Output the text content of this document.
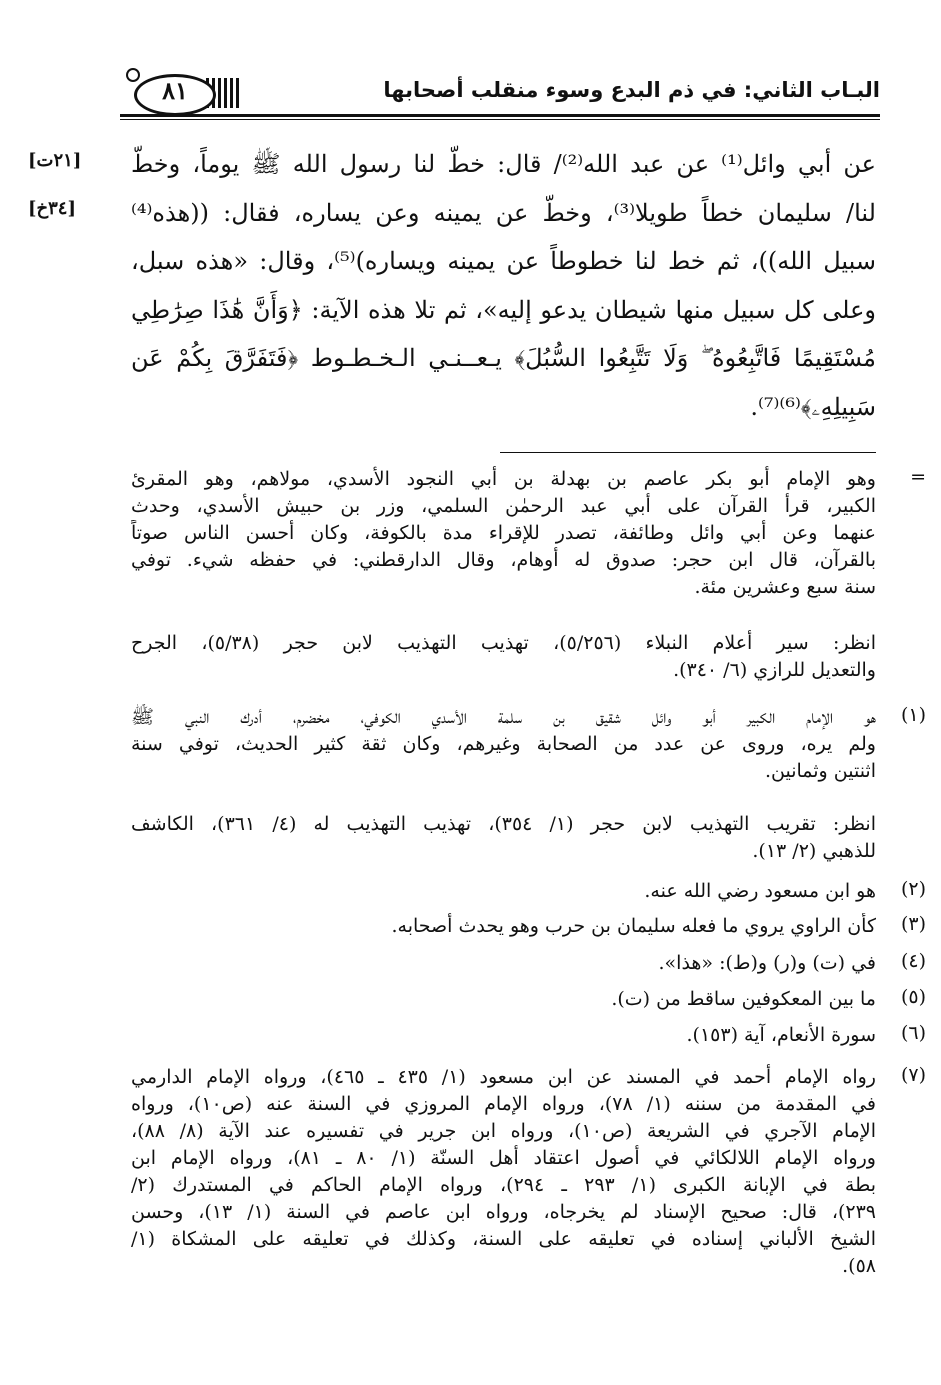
البـاب الثاني: في ذم البدع وسوء منقلب أصحابها
٨١
[٢١ت]
[٣٤خ]
عن أبي وائل⁽¹⁾ عن عبد الله⁽²⁾/ قال: خطّ لنا رسول الله ﷺ يوماً، وخطّ
لنا/ سليمان خطاً طويلا⁽³⁾، وخطّ عن يمينه وعن يساره، فقال: ((هذه⁽⁴⁾
سبيل الله))، ثم خط لنا خطوطاً عن يمينه ويساره)⁽⁵⁾، وقال: «هذه سبل،
وعلى كل سبيل منها شيطان يدعو إليه»، ثم تلا هذه الآية: ﴿وَأَنَّ هَٰذَا صِرَٰطِي
مُسْتَقِيمًا فَاتَّبِعُوهُ ۖ وَلَا تَتَّبِعُوا السُّبُلَ﴾ يـعــنـي الـخـطـوط ﴿فَتَفَرَّقَ بِكُمْ عَن
سَبِيلِهِۦ﴾⁽⁶⁾⁽⁷⁾.
=
وهو الإمام أبو بكر عاصم بن بهدلة بن أبي النجود الأسدي، مولاهم، وهو المقرئ
الكبير، قرأ القرآن على أبي عبد الرحمٰن السلمي، وزر بن حبيش الأسدي، وحدث
عنهما وعن أبي وائل وطائفة، تصدر للإقراء مدة بالكوفة، وكان أحسن الناس صوتاً
بالقرآن، قال ابن حجر: صدوق له أوهام، وقال الدارقطني: في حفظه شيء. توفي
سنة سبع وعشرين مئة.
انظر: سير أعلام النبلاء (٥/٢٥٦)، تهذيب التهذيب لابن حجر (٥/٣٨)، الجرح
والتعديل للرازي (٦/ ٣٤٠).
(١)
هو الإمام الكبير أبو وائل شقيق بن سلمة الأسدي الكوفي، مخضرم، أدرك النبي ﷺ
ولم يره، وروى عن عدد من الصحابة وغيرهم، وكان ثقة كثير الحديث، توفي سنة
اثنتين وثمانين.
انظر: تقريب التهذيب لابن حجر (١/ ٣٥٤)، تهذيب التهذيب له (٤/ ٣٦١)، الكاشف
للذهبي (٢/ ١٣).
(٢)
هو ابن مسعود رضي الله عنه.
(٣)
كأن الراوي يروي ما فعله سليمان بن حرب وهو يحدث أصحابه.
(٤)
في (ت) و(ر) و(ط): «هذا».
(٥)
ما بين المعكوفين ساقط من (ت).
(٦)
سورة الأنعام، آية (١٥٣).
(٧)
رواه الإمام أحمد في المسند عن ابن مسعود (١/ ٤٣٥ ـ ٤٦٥)، ورواه الإمام الدارمي
في المقدمة من سننه (١/ ٧٨)، ورواه الإمام المروزي في السنة عنه (ص١٠)، ورواه
الإمام الآجري في الشريعة (ص١٠)، ورواه ابن جرير في تفسيره عند الآية (٨/ ٨٨)،
ورواه الإمام اللالكائي في أصول اعتقاد أهل السنّة (١/ ٨٠ ـ ٨١)، ورواه الإمام ابن
بطة في الإبانة الكبرى (١/ ٢٩٣ ـ ٢٩٤)، ورواه الإمام الحاكم في المستدرك (٢/
٢٣٩)، قال: صحيح الإسناد لم يخرجاه، ورواه ابن عاصم في السنة (١/ ١٣)، وحسن
الشيخ الألباني إسناده في تعليقه على السنة، وكذلك في تعليقه على المشكاة (١/
٥٨).
